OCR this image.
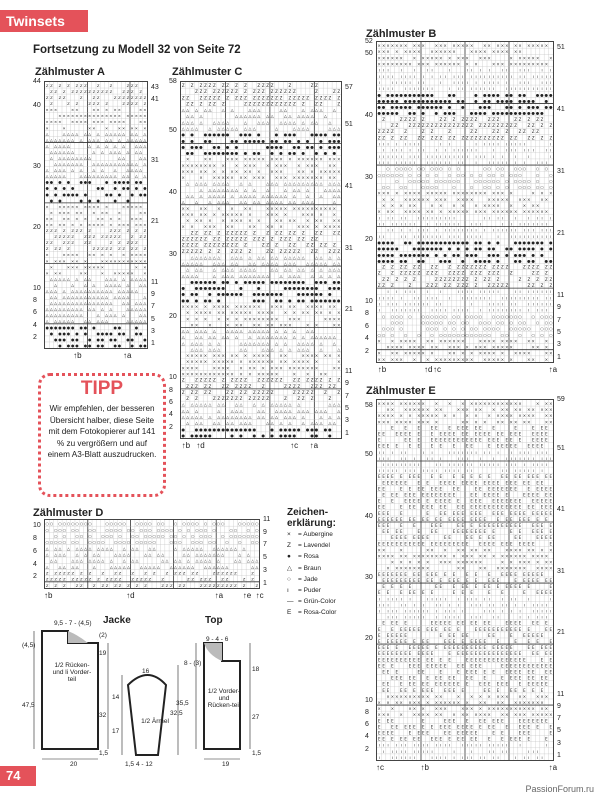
Twinsets
Fortsetzung zu Modell 32 von Seite 72
Zählmuster A	Zählmuster C
Zählmuster B
Zählmuster E
Zählmuster D
Z Z Z Z Z Z Z	Z	Z	Z Z Z
Z Z Z Z Z Z Z Z Z Z Z Z Z	Z Z Z Z
Z Z Z Z	Z	Z Z	Z Z Z Z Z Z Z Z
Z	Z Z	Z Z Z Z	Z Z Z Z Z
× × ×	× ×	× × × × ×	× ×
× × × × × × × × × × × × × × × × × × × ×
× × × × × × × × × × × × × × ×	× ×
×	×	× × × × × × × ×
△	△ △ △ △ △ △ △ △ △ △ △ △ △ △ △
△ △ △ △ △ △ △ △ △ △ △ △ △ △ △ △ △ △ △
△ △ △ △ △	△ △ △ △ △	△ △ △
△ △ △ △ △ △	△ △ △ △ △ △ △ △
△ △ △ △ △ △ △ △ △	△ △	△ △
△ △ △ △ △ △ △	△ △ △ △ △ △ △ △ △ △ △ △
△ △ △ △ △ △	△ △	△	△ △ △ △
△ △ △ △ △	△ △ △ △ △ △ △ △ △ △ △ △ △
● ● ● ● ● ● ●	● ● ● ● ● ● ●
● ● ● ●	● ● ● ● ● ● ●
● ● ● ● ● ● ●	● ● ● ● ● ●
● ●	● ● ●	● ●
× × × × × × × × × × ×	× × × × ×
× × × × × × × × × ×	× ×
× × × × × × × × × × × × ×
× × × × × × × × × × × × × × × × ×
Z Z Z Z Z Z Z Z	Z Z Z Z Z Z
Z Z Z Z Z	Z Z Z Z Z Z Z Z	Z Z Z
Z Z	Z Z Z	Z Z	Z Z Z Z Z
Z Z Z Z	Z Z Z Z Z Z Z Z Z Z
×	× × × × × × × × × × × × ×
× × × × × × ×	× × × × × × × × × × ×
×	× × × × × × × ×	× ×
× × ×	× ×	× × × × × × ×
△ △ △ △ △ △ △ △	△ △ △ △ △ △ △ △
△	△	△ △	△ △ △ △ △	△ △
△ △ △ △ △ △ △ △ △ △ △ △ △ △ △ △ △ △ △
△ △ △ △ △ △ △ △ △ △ △ △ △ △ △ △ △	△
△ △ △ △ △ △ △ △ △ △ △ △ △ △ △	△ △ △ △ △
△ △ △ △ △ △ △ △ △ △ △ △ △	△ △ △ △ △
△ △ △ △ △ △ △ △ △	△ △ △ △ △	△ △
△ △ △ △ △ △	△ △ △ △ △	△ △ △ △ △
● ● ● ● ● ● ● ● ● ●	● ●	●
● ● ● ● ● ● ● ● ● ● ● ● ● ●
● ● ● ● ● ● ● ● ● ● ● ● ●
● ● ● ● ● ● ● ● ● ● ● ● ●
Z Z Z Z Z Z Z Z Z Z	Z Z Z Z	Z	Z Z
Z Z Z Z Z Z Z Z Z Z Z Z Z Z Z Z Z Z Z	Z	Z Z
Z Z	Z Z Z Z Z Z Z Z Z Z Z Z Z Z Z Z Z Z Z Z Z Z Z Z Z Z
Z Z Z Z Z Z	Z Z Z Z Z Z Z Z Z Z Z Z Z	Z Z	Z
△ △ △ △ △	△ △	△ △ △	△ △	△ △ △ △	△
△ △ △	△ △ △ △ △ △ △ △	△ △ △ △ △ △	△
△ △ △ △	△ △ △ △	△	△ △ △	△ △ △ △ △ △ △	△
△ △ △ △	△ △ △ △ △ △ △ △ △	△	△ △ △ △	△ △ △
● ● ● ● ● ● ● ● ● ● ● ●	● ● ● ●	● ● ● ● ● ●
● ● ● ●	● ● ● ● ● ● ● ● ● ● ● ● ● ● ● ● ●
● ● ● ● ● ● ● ●	● ● ● ● ● ● ● ● ● ● ● ●
● ● ● ● ● ● ● ● ● ● ● ● ● ● ● ● ● ● ● ● ●
×	× ×	× × × × × × × × × × × × × × × × × × × × ×
× × × × × × × × × × × × × × × × × × × × × × ×
× × × × × × × × × × × × × × ×	× × × × × × × ×
×	× × × × × × × × × × × × × × × × × × × × × × ×
△ △ △ △ △ △ △ △	△ △	△ △ △ △ △ △ △ △ △ △ △ △ △ △ △
△ △ △ △ △ △ △ △ △ △	△	△ △ △ △	△ △ △ △
△ △ △ △ △ △ △ △ △ △ △ △ △ △ △ △ △ △ △	△	△	△ △
△	△	△ △ △ △	△ △ △ △ △ △ △ △ △ △ △ △ △	△
× × × × × × × ×	× × × × × × × × × × × × × × ×
× × × × × × × × × × × ×	× × × ×	× × × × ×
× × × × × × × × × ×	× × × × × × × × ×
× × × × × × ×	× × × × ×	× × × × × × × ×
Z Z Z Z Z Z Z Z Z Z Z	Z Z Z Z Z Z	Z Z	Z Z
Z Z Z Z Z Z Z Z Z Z Z Z Z Z Z Z Z Z Z Z Z Z Z Z
Z Z Z Z Z Z Z Z Z Z Z Z Z	Z Z Z	Z Z	Z Z Z Z Z
Z Z Z Z Z Z Z	Z Z Z Z	Z Z Z Z Z Z Z	Z Z	Z Z Z
△ △ △ △ △ △ △	△ △ △ △ △ △ △ △ △ △ △ △ △	△ △ △ △
△ △ △ △ △	△ △ △ △ △	△ △ △ △ △ △ △ △ △	△ △ △ △ △ △ △
△ △ △	△ △ △ △ △ △ △ △	△ △ △ △ △ △ △ △ △ △ △
△ △ △ △	△ △ △ △ △ △ △ △ △ △ △	△ △ △ △	△ △ △ △
● ● ● ● ● ● ● ● ● ● ● ● ● ● ● ● ● ● ● ● ● ● ● ● ● ● ●
● ● ● ● ● ● ● ●	●	●	● ● ● ● ● ● ● ● ● ● ●
● ● ● ● ● ● ● ● ● ● ● ● ● ● ● ● ●	● ● ● ● ● ● ●
● ● ● ● ● ●	● ● ● ● ● ● ● ● ● ● ● ● ● ● ●
× × × × × × × × × × × × × × × × × × × × × × × × × ×
× × × × × × × × × × × × × × × × × × × × × × × ×
× × × × × × × × × × × × × × × × ×	× × × ×
× × ×	× × × × × × × × × ×	× ×	× ×
△ △ △ △ △ △	△ △ △ △ △ △ △ △ △ △ △ △	△ △
△	△ △ △ △ △ △ △	△ △ △ △ △ △ △ △ △ △ △ △ △ △ △ △
△ △ △ △ △ △	△ △ △ △ △ △ △ △ △	△ △ △ △ △	△
△ △ △ △ △ △	△ △	△ △ △ △ △ △ △ △	△	△
× × × × × × × × × × × × × × × × ×	× × × × × × ×
× × × × × × × × × × × × × × × × × × × × × × × ×	×
× × × ×	× × × × × × × × × × × × × × × × × ×	× ×
× × × × × × × × × × × × × × × × × × ×	× × × ×
Z	Z Z Z Z Z Z Z Z Z Z	Z Z Z Z Z Z	Z Z Z Z Z Z Z Z
Z Z Z Z Z	Z Z Z Z Z Z	Z	Z Z Z Z	Z Z Z Z Z
Z Z Z Z Z	Z Z Z Z Z Z Z Z Z	Z Z Z Z Z	Z	Z
Z Z	Z Z Z Z Z Z Z Z Z Z Z Z	Z	Z Z Z	Z
△ △ △ △ △ △ △ △	△ △	△ △ △ △ △ △ △ △	△ △ △
△ △ △	△	△ △ △	△ △	△ △ △ △ △ △ △ △ △ △	△
△ △ △ △ △ △ △ △ △ △ △ △ △ △ △ △ △ △ △ △ △ △	△ △ △
△ △ △	△ △ △ △ △ △ △	△ △ △ △	△ △ △ △ △ △
● ● ● ● ● ● ● ● ● ● ● ● ● ● ●	● ● ● ● ● ● ● ● ● ● ●
● ● ● ● ● ●	● ● ● ● ● ● ● ● ●	● ● ●
× × × × × × × × × × × × × × × × × × × × × × × × × × × × × ×
× × × × × × × × × × × × × ×	× × × × × × × × × ×
× × × × × × × × × × × × × × × × × × ×	× × × × × × ×
× × × × × × × × × × × × × × × × × × ×	× × × × × × × × × × × ×
ı ı ı	ı	ı	ı ı	ı	ı ı ı ı	ı ı	ı ı ı	ı ı
ı ı ı ı ı ı ı ı ı ı ı ı ı ı ı ı ı ı ı ı ı ı ı ı ı ı ı ı ı ı ı ı
ı	ı ı ı ı ı ı ı	ı	ı ı ı ı ı ı ı ı ı ı	ı ı ı	ı ı ı
ı ı ı ı	ı ı ı ı ı ı ı	ı ı ı ı ı ı ı ı ı	ı ı ı ı ı ı ı ı ı ı ı
● ● ● ● ● ● ● ● ● ● ● ●	● ●	● ● ● ● ● ● ● ● ● ● ● ● ●
● ● ● ● ● ● ● ● ● ● ● ● ● ● ● ● ● ● ● ● ● ● ● ● ● ● ● ● ● ●
● ● ● ● ● ● ● ● ● ● ● ● ● ● ●	● ● ●	● ● ● ● ● ● ● ●
● ● ● ● ● ● ● ● ● ● ● ●	● ● ● ● ● ● ● ● ● ● ● ● ● ● ● ●
Z	Z Z Z Z Z	Z Z Z Z Z Z Z	Z Z Z	Z Z Z Z Z
Z Z	Z Z Z Z Z Z Z Z Z Z Z Z Z Z Z Z Z Z Z Z Z Z Z Z	Z Z Z Z
Z Z Z Z	Z	Z Z	Z	Z Z	Z Z Z	Z Z Z Z
Z Z Z Z Z	Z Z Z Z Z Z Z Z Z Z Z Z Z Z Z Z Z Z Z	Z Z Z Z
ı ı ı ı ı ı ı ı	ı ı	ı ı ı ı ı ı ı ı ı ı	ı
ı ı ı ı ı ı ı	ı ı ı ı ı ı ı ı	ı	ı ı ı ı ı ı	ı ı
ı ı ı ı ı ı ı ı ı ı ı ı ı ı ı ı ı ı ı ı ı ı ı ı	ı	ı	ı
ı ı ı ı ı ı ı ı	ı ı ı ı ı ı ı ı	ı	ı ı ı ı ı ı ı	ı ı ı
○ ○ ○ ○ ○ ○ ○ ○ ○ ○ ○ ○	○ ○ ○ ○ ○ ○ ○ ○ ○
○ ○ ○ ○ ○ ○ ○ ○ ○ ○ ○ ○ ○ ○ ○ ○ ○ ○ ○ ○ ○	○ ○
○ ○ ○ ○ ○ ○ ○ ○ ○ ○ ○ ○	○ ○ ○ ○ ○ ○ ○ ○ ○ ○ ○ ○ ○
○ ○ ○ ○	○ ○ ○ ○	○	○ ○ ○ ○ ○ ○ ○ ○ ○ ○ ○
× × × × × × × × × × × × × × × × × × × × × × × × ×	× × ×
× × × × × × × × × × × × × × ×	× × × × × × × × × ×
× × × × ×	× × × × × × × × × × × × ×
× × × × × × × × × × × × × × × × × × × × × × × × × × × × × ×
ı ı ı ı ı	ı ı ı ı ı ı ı ı ı	ı ı ı ı	ı	ı ı ı ı
ı ı ı ı ı ı ı ı	ı ı ı ı ı ı ı	ı ı ı	ı ı ı ı ı ı ı ı ı
ı ı ı ı ı ı ı ı ı ı ı ı ı ı ı ı ı ı ı ı ı ı ı ı ı ı ı ı ı
ı ı	ı ı ı ı ı ı ı ı ı ı ı ı ı ı ı ı	ı	ı ı ı ı ı ı ı ı ı ı
● ● ● ● ● ● ● ● ● ● ● ● ● ● ● ● ● ● ● ● ● ●	● ● ● ● ● ● ● ●
● ● ● ● ●	● ● ● ● ● ● ● ● ● ● ● ● ● ● ● ● ● ● ● ● ● ●
● ● ● ● ● ● ● ● ● ● ● ● ● ● ● ● ● ● ● ● ● ● ● ● ● ● ●
● ● ● ● ● ● ● ●	● ● ● ● ● ● ● ● ●	● ● ● ● ● ●
Z Z Z Z Z Z	Z Z	Z Z Z Z Z Z Z Z Z Z Z Z	Z Z Z Z Z Z
Z	Z Z Z Z Z Z Z Z Z	Z Z Z Z Z Z Z Z Z Z	Z	Z Z Z
Z Z Z Z Z	Z Z Z Z Z Z Z Z Z Z Z Z	Z Z Z Z Z
Z Z Z	Z	Z Z Z Z Z Z Z Z Z	Z Z Z Z Z	Z Z Z Z
ı ı ı ı ı	ı	ı	ı ı ı ı ı ı ı ı ı	ı ı ı ı ı ı ı ı
ı ı ı ı ı	ı ı ı ı ı	ı	ı ı ı ı ı ı ı	ı ı ı ı ı ı ı ı ı ı ı
ı ı ı ı ı ı ı ı ı ı ı ı	ı	ı ı ı ı ı ı	ı ı ı ı ı ı
ı	ı ı ı ı ı ı ı	ı ı ı ı ı ı ı ı	ı ı ı ı ı ı ı ı ı ı ı ı ı
○ ○ ○ ○ ○ ○ ○ ○ ○ ○ ○ ○ ○ ○ ○ ○ ○ ○ ○ ○ ○ ○ ○ ○ ○ ○ ○ ○
○ ○ ○	○ ○ ○ ○ ○ ○ ○ ○ ○ ○ ○ ○ ○ ○ ○ ○ ○ ○ ○ ○
○ ○ ○ ○	○ ○ ○ ○ ○ ○ ○ ○ ○ ○ ○ ○ ○ ○ ○ ○ ○ ○ ○ ○
○ ○ ○ ○ ○ ○ ○ ○ ○ ○ ○ ○ ○ ○ ○ ○ ○ ○ ○ ○ ○ ○ ○ ○
× × × × × × × × × × × × × ×	× × × × × × × × × × ×
× × × × × × × × × × × × × × × × × × × × × ×	× × ×
× × × × × × × × ×	× × × × × × × × × × × × ×	× ×
× × × × × × × × × × × × × × × × × × × × × ×	× × ×
× × × × × × × × × × × × × × × × × × × × × × × × ×	× × ×
× × × × × × × × × ×	× × × × × × × × × × × × × × ×
× × × × × × × × × × × × × × × × × × × × × × × × × ×
× × × × × × × × × × ×	× × × × × × × × × ×	× ×
E	E	E	E E	E E E E E E	E	E	E E E
E E	E E E E E	E E E E E E E E E E E E E E E E	E E E E
E	E E E	E E E E E E E E E E E E E E E E E E	E E E E
E E E E	E E	E E	E	E E	E E E E E E	E E E E
ı ı ı ı ı	ı ı	ı ı ı ı ı ı ı ı ı ı	ı ı ı ı ı ı ı
ı ı ı	ı ı ı	ı ı ı	ı ı ı	ı	ı	ı ı ı ı ı ı ı ı ı ı
ı ı ı ı ı ı ı ı ı	ı ı ı ı ı ı ı ı ı ı ı ı ı ı ı ı ı ı ı ı ı
ı ı ı ı ı ı ı ı ı ı ı ı ı ı ı ı ı ı	ı ı ı ı ı ı ı ı
E E E E E E E E	E E	E E E E E	E E E E E E E E E
E E E E E E	E E	E E E E E E E E E E E E E E E E E E E
E E	E E E E E E E	E E	E E E E E E E E E	E E E E E
E E E E E E E E E E E E E E	E E E E E E E	E E E E E E
E	E	E E E E E E E E E E	E E E	E E E E E E E	E E E E E
E E	E E E E E E E E	E E E E E E E E E E E E E E E E E E E
E E E	E	E	E E E E E E E E	E E E E E E E E E E E E
E E E E E E E E E E E E E E E E E E E E	E E E E E E E E
E E E	E	E	E E E	E E E E E E E E E E E E E	E E E E
E E E E	E	E E	E E E E E E E E E	E E	E E E E
E E E E E E E E	E E	E E E E E	E E	E E E E
E E E E E E E E E E E E E E E E E E E E	E E E E E E E E E E E	E
× ×	×	× × × × × × × × ×	× × × × × × × ×
× × × × × × × × × × × × × × × × × × × × × × × × × × × × × × ×
× × × × × × × × × × × × × ×	× × × × × × × ×
× × × × × × × × ×	× ×	× × × × × × × × × × × × ×
E E E E E E E E E E E E E E	E E	E	E E E E E E E E E
E E E E E E E E E E E E E E E E E	E E E	E E E E E E E
E E E E	E E	E E E E E E E E E E E E	E
E E	E E E E E	E E E	E	E	E	E E E E
ı ı ı ı ı ı	ı ı ı ı ı	ı ı ı ı ı ı	ı ı ı	ı	ı
ı ı ı	ı ı ı ı	ı ı ı ı	ı ı ı ı ı ı ı ı ı ı ı ı ı
ı ı ı ı ı ı ı ı ı ı ı ı ı ı ı	ı ı ı ı ı ı	ı ı ı ı ı
ı ı ı ı ı ı ı ı	ı ı ı ı ı	ı ı ı	ı ı	ı ı ı ı ı
E E E E	E E E E E E E E E E E	E E E E	E E E
E	E E E E E E E E E E E E	E E E E E E E E E E E E	E E
E E E E E E	E E E E E	E E	E	E E E E E
E E E E E E E E E	E E E E E E E E	E	E	E E	E
E E E E	E E E E E E E E E E E E E E E E E E E E E	E E E E E
E E E E E E E E E E E E	E E E E E E E E E E E E E E E E	E E E E
E E E E E E E E E E E E E E	E E E E E E E E E E E E E E	E E
E E E	E E E E E E E E	E E E E E	E E E E E E E E E E E E
E E E	E E	E	E E E E E E	E E E E E E	E E
E E E E E	E E E E E	E E	E	E E E E E E E E
E E	E E E E E E E E E E E E	E E E E E E	E E E E E E
E E	E E E E E E	E E E E	E E E	E E E E E
× × × × × × × × × × × ×	× × × × × × × × × × × ×
× × × × × × × × × × × × × × × × × × × × × × × × × ×
× ×	× × × × × ×	× × × × × × × × × × × × × × × × ×
× × × × × × × × × × × × × × × × × × × × × × × × × × ×
E E E	E	E E E	E	E E E E E	E E E E E E E
E	E E E E E E E E E E E E E E E E E	E	E E E E	E
E E E E	E E E E	E E E E E E E	E E	E E E	E
E E E E E E E	E E E E E E E E	E	E E E E E	E
ı ı ı ı ı ı ı ı ı ı ı ı ı ı	ı ı ı ı ı ı ı ı ı ı	ı	ı
ı ı ı ı ı ı ı ı ı ı	ı	ı	ı ı ı ı	ı ı ı
ı	ı ı ı ı ı ı	ı ı ı ı ı ı ı ı ı ı ı ı	ı ı ı ı ı
○ ○ ○ ○ ○ ○ ○ ○ ○ ○	○ ○ ○ ○ ○ ○ ○ ○ ○ ○ ○ ○ ○ ○ ○ ○ ○ ○ ○ ○	○ ○ ○ ○ ○
○ ○ ○ ○ ○ ○ ○ ○ ○ ○ ○ ○ ○ ○ ○ ○ ○ ○ ○ ○ ○ ○ ○ ○ ○ ○ ○	○ ○ ○ ○
○ ○ ○ ○ ○ ○ ○ ○ ○ ○ ○ ○ ○ ○ ○ ○ ○ ○ ○ ○ ○ ○ ○ ○ ○ ○ ○ ○ ○ ○ ○
○ ○ ○ ○ ○ ○ ○ ○ ○ ○ ○ ○ ○ ○ ○ ○ ○ ○ ○ ○	○ ○ ○ ○ ○ ○ ○ ○ ○ ○ ○ ○
△ △ △ △ △ △ △ △ △ △ △ △	△ △ △	△ △	△ △ △ △ △ △	△ △ △ △ △ △ △
△ △ △ △	△ △ △ △	△ △ △ △	△ △ △ △	△ △ △ △ △ △ △ △ △	△ △
△ △	△ △ △ △ △ △ △ △	△ △ △	△ △ △ △ △ △ △ △ △ △	△ △ △ △ △
△	△ △ △ △	△	△ △ △ △ △	△ △ △ △ △	△ △ △ △ △ △	△ △ △ △ △ △	△ △
Z Z Z Z Z Z Z Z	Z	Z Z	Z	Z Z	Z Z Z Z Z Z	Z Z Z Z Z Z	Z
Z Z Z Z Z Z Z Z Z Z Z Z Z Z Z	Z Z Z Z Z	Z	Z Z Z Z Z	Z Z	Z Z
Z Z Z	Z Z	Z Z Z Z Z Z Z Z	Z Z Z Z Z	Z Z Z Z Z Z Z Z Z Z	Z
44
40
30
20
10
8
6
4
2
43
41
31
21
11
9
7
5
3
1
↑b	↑a
58
50
40
30
20
10
8
6
4
2
57
51
41
31
21
11
9
7
5
3
1
↑b ↑d	↑c ↑a
52
50
40
30
20
10
8
6
4
2
51
41
31
21
11
9
7
5
3
1
↑b	↑d ↑c	↑a
58
50
40
30
20
10
8
6
4
2
59
51
41
31
21
11
9
7
5
3
1
↑c	↑b	↑a
10
8
6
4
2
11
9
7
5
3
1
↑b	↑d	↑a ↑e ↑c
TIPP
Wir empfehlen, der besseren Übersicht halber, diese Seite mit dem Fotokopierer auf 141 % zu vergrößern und auf einem A3-Blatt auszudrucken.
Zeichen-
erklärung:
× = Aubergine
Z = Lavendel
● = Rosa
△ = Braun
○ = Jade
ı = Puder
— = Grün-Color
E = Rosa-Color
Jacke	Top
9,5 - 7 - (4,5)
1/2 Rücken- und li Vorder-teil
20
47,5
(4,5)
19
(2)
32
1,5
16
1/2 Ärmel
14
17
32,5
4 - 12
1,5
9 - 4 - 6
1/2 Vorder- und Rücken-teil
19
35,5
8 - (3)
18
27
1,5
74
PassionForum.ru
